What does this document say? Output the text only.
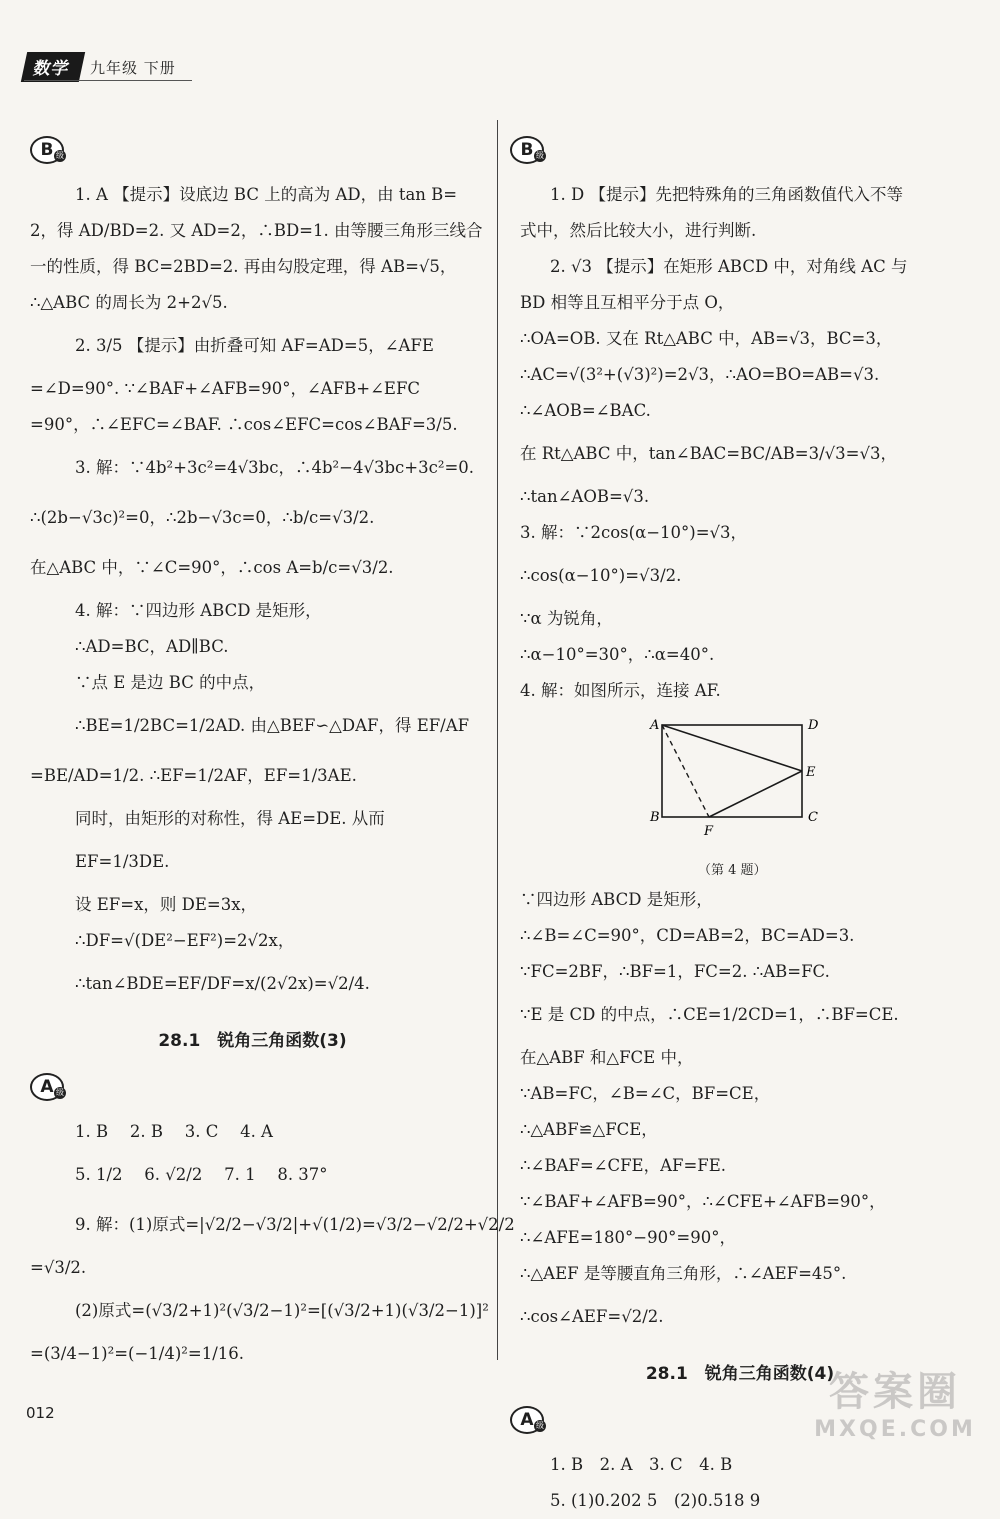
数学	九年级 下册
B 级
1. A 【提示】设底边 BC 上的高为 AD，由 tan B=
2，得 AD/BD=2. 又 AD=2，∴BD=1. 由等腰三角形三线合
一的性质，得 BC=2BD=2. 再由勾股定理，得 AB=√5，
∴△ABC 的周长为 2+2√5.
2. 3/5 【提示】由折叠可知 AF=AD=5，∠AFE
=∠D=90°. ∵∠BAF+∠AFB=90°，∠AFB+∠EFC
=90°，∴∠EFC=∠BAF. ∴cos∠EFC=cos∠BAF=3/5.
3. 解：∵4b²+3c²=4√3bc，∴4b²−4√3bc+3c²=0.
∴(2b−√3c)²=0，∴2b−√3c=0，∴b/c=√3/2.
在△ABC 中，∵∠C=90°，∴cos A=b/c=√3/2.
4. 解：∵四边形 ABCD 是矩形，
∴AD=BC，AD∥BC.
∵点 E 是边 BC 的中点，
∴BE=1/2BC=1/2AD. 由△BEF∽△DAF，得 EF/AF
=BE/AD=1/2. ∴EF=1/2AF，EF=1/3AE.
同时，由矩形的对称性，得 AE=DE. 从而
EF=1/3DE.
设 EF=x，则 DE=3x，
∴DF=√(DE²−EF²)=2√2x，
∴tan∠BDE=EF/DF=x/(2√2x)=√2/4.
28.1　锐角三角函数(3)
A 级
1. B　 2. B　 3. C　 4. A
5. 1/2　 6. √2/2　 7. 1　 8. 37°
9. 解：(1)原式=|√2/2−√3/2|+√(1/2)=√3/2−√2/2+√2/2
=√3/2.
(2)原式=(√3/2+1)²(√3/2−1)²=[(√3/2+1)(√3/2−1)]²
=(3/4−1)²=(−1/4)²=1/16.
B 级
1. D 【提示】先把特殊角的三角函数值代入不等
式中，然后比较大小，进行判断.
2. √3 【提示】在矩形 ABCD 中，对角线 AC 与
BD 相等且互相平分于点 O，
∴OA=OB. 又在 Rt△ABC 中，AB=√3，BC=3，
∴AC=√(3²+(√3)²)=2√3，∴AO=BO=AB=√3.
∴∠AOB=∠BAC.
在 Rt△ABC 中，tan∠BAC=BC/AB=3/√3=√3，
∴tan∠AOB=√3.
3. 解：∵2cos(α−10°)=√3，
∴cos(α−10°)=√3/2.
∵α 为锐角，
∴α−10°=30°，∴α=40°.
4. 解：如图所示，连接 AF.
A	D
E
B	C
F
（第 4 题）
∵四边形 ABCD 是矩形，
∴∠B=∠C=90°，CD=AB=2，BC=AD=3.
∵FC=2BF，∴BF=1，FC=2. ∴AB=FC.
∵E 是 CD 的中点，∴CE=1/2CD=1，∴BF=CE.
在△ABF 和△FCE 中，
∵AB=FC，∠B=∠C，BF=CE，
∴△ABF≌△FCE，
∴∠BAF=∠CFE，AF=FE.
∵∠BAF+∠AFB=90°，∴∠CFE+∠AFB=90°，
∴∠AFE=180°−90°=90°，
∴△AEF 是等腰直角三角形，∴∠AEF=45°.
∴cos∠AEF=√2/2.
28.1　锐角三角函数(4)
A 级
1. B　2. A　3. C　4. B
5. (1)0.202 5　(2)0.518 9
012	答案圈
MXQE.COM
